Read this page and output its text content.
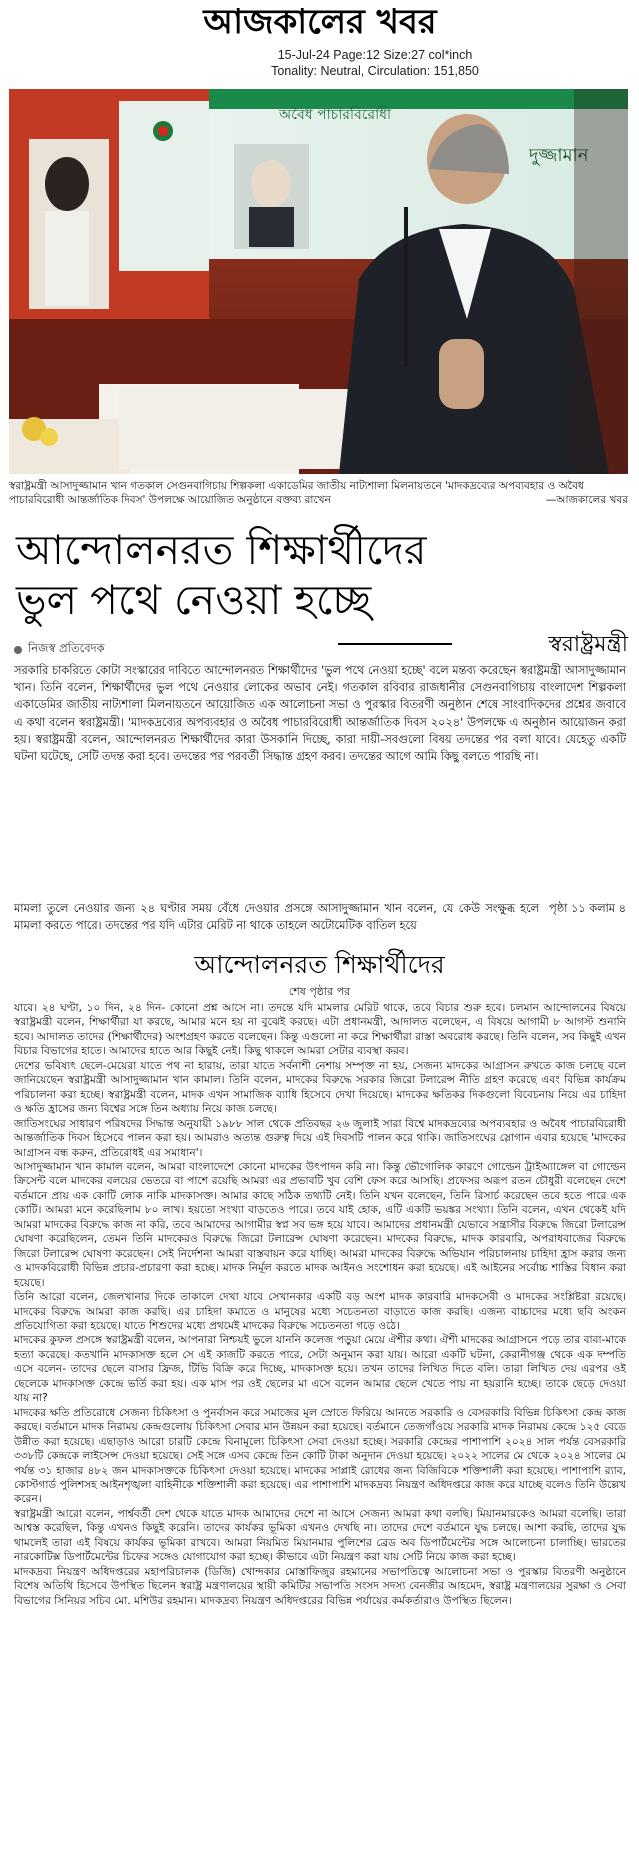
আজকালের খবর
15-Jul-24 Page:12 Size:27 col*inch
Tonality: Neutral, Circulation: 151,850
অবৈধ পাচারবিরোধী
দুজ্জামান
স্বরাষ্ট্রমন্ত্রী আসাদুজ্জামান খান গতকাল সেগুনবাগিচায় শিল্পকলা একাডেমির জাতীয় নাট্যশালা মিলনায়তনে 'মাদকদ্রব্যের অপব্যবহার ও অবৈধ পাচারবিরোধী আন্তর্জাতিক দিবস' উপলক্ষে আয়োজিত অনুষ্ঠানে বক্তব্য রাখেন	—আজকালের খবর
আন্দোলনরত শিক্ষার্থীদের
ভুল পথে নেওয়া হচ্ছে
স্বরাষ্ট্রমন্ত্রী
নিজস্ব প্রতিবেদক

সরকারি চাকরিতে কোটা সংস্কারের দাবিতে আন্দোলনরত শিক্ষার্থীদের 'ভুল পথে নেওয়া হচ্ছে' বলে মন্তব্য করেছেন স্বরাষ্ট্রমন্ত্রী আসাদুজ্জামান খান। তিনি বলেন, শিক্ষার্থীদের ভুল পথে নেওয়ার লোকের অভাব নেই। গতকাল রবিবার রাজধানীর সেগুনবাগিচায় বাংলাদেশ শিল্পকলা একাডেমির জাতীয় নাট্যশালা মিলনায়তনে আয়োজিত এক আলোচনা সভা ও পুরস্কার বিতরণী অনুষ্ঠান শেষে সাংবাদিকদের প্রশ্নের জবাবে এ কথা বলেন স্বরাষ্ট্রমন্ত্রী। 'মাদকদ্রব্যের অপব্যবহার ও অবৈধ পাচারবিরোধী আন্তর্জাতিক দিবস ২০২৪' উপলক্ষে এ অনুষ্ঠান আয়োজন করা হয়। স্বরাষ্ট্রমন্ত্রী বলেন, আন্দোলনরত শিক্ষার্থীদের কারা উসকানি দিচ্ছে, কারা দায়ী-সবগুলো বিষয় তদন্তের পর বলা যাবে। যেহেতু একটি ঘটনা ঘটেছে, সেটি তদন্ত করা হবে। তদন্তের পর পরবর্তী সিদ্ধান্ত গ্রহণ করব। তদন্তের আগে আমি কিছু বলতে পারছি না।

পৃষ্ঠা ১১ কলাম ৪
মামলা তুলে নেওয়ার জন্য ২৪ ঘণ্টার সময় বেঁধে দেওয়ার প্রসঙ্গে আসাদুজ্জামান খান বলেন, যে কেউ সংক্ষুব্ধ হলে মামলা করতে পারে। তদন্তের পর যদি এটার মেরিট না থাকে তাহলে অটোমেটিক বাতিল হয়ে
আন্দোলনরত শিক্ষার্থীদের
শেষ পৃষ্ঠার পর

যাবে। ২৪ ঘণ্টা, ১০ দিন, ২৪ দিন- কোনো প্রশ্ন আসে না। তদন্তে যদি মামলার মেরিট থাকে, তবে বিচার শুরু হবে। চলমান আন্দোলনের বিষয়ে স্বরাষ্ট্রমন্ত্রী বলেন, শিক্ষার্থীরা যা করছে, আমার মনে হয় না বুঝেই করছে। এটা প্রধানমন্ত্রী, আদালত বলেছেন, এ বিষয়ে আগামী ৮ আগস্ট শুনানি হবে। আদালত তাদের (শিক্ষার্থীদের) অংশগ্রহণ করতে বলেছেন। কিন্তু এগুলো না করে শিক্ষার্থীরা রাস্তা অবরোধ করছে। তিনি বলেন, সব কিছুই এখন বিচার বিভাগের হাতে। আমাদের হাতে আর কিছুই নেই। কিছু থাকলে আমরা সেটার ব্যবস্থা করব।

দেশের ভবিষ্যৎ ছেলে-মেয়েরা যাতে পথ না হারায়, তারা যাতে সর্বনাশী নেশায় সম্পৃক্ত না হয়, সেজন্য মাদকের আগ্রাসন রুখতে কাজ চলছে বলে জানিয়েছেন স্বরাষ্ট্রমন্ত্রী আসাদুজ্জামান খান কামাল। তিনি বলেন, মাদকের বিরুদ্ধে সরকার জিরো টলারেন্স নীতি গ্রহণ করেছে এবং বিভিন্ন কার্যক্রম পরিচালনা করা হচ্ছে। স্বরাষ্ট্রমন্ত্রী বলেন, মাদক এখন সামাজিক ব্যাধি হিসেবে দেখা দিয়েছে। মাদকের ক্ষতিকর দিকগুলো বিবেচনায় নিয়ে এর চাহিদা ও ক্ষতি হ্রাসের জন্য বিশ্বের সঙ্গে তিন অধ্যায় নিয়ে কাজ চলছে।

জাতিসংঘের সাধারণ পরিষদের সিদ্ধান্ত অনুযায়ী ১৯৮৮ সাল থেকে প্রতিবছর ২৬ জুলাই সারা বিশ্বে মাদকদ্রব্যের অপব্যবহার ও অবৈধ পাচারবিরোধী আন্তর্জাতিক দিবস হিসেবে পালন করা হয়। আমরাও অত্যন্ত গুরুত্ব দিয়ে এই দিবসটি পালন করে থাকি। জাতিসংঘের স্লোগান এবার হয়েছে 'মাদকের আগ্রাসন বন্ধ করুন, প্রতিরোধই এর সমাধান'।

আসাদুজ্জামান খান কামাল বলেন, আমরা বাংলাদেশে কোনো মাদকের উৎপাদন করি না। কিন্তু ভৌগোলিক কারণে গোল্ডেন ট্রাইঅ্যাঙ্গেল বা গোল্ডেন ক্রিসেন্ট বলে মাদকের বলয়ের ভেতরে বা পাশে রয়েছি আমরা এর প্রভাবটি খুব বেশি ফেস করে আসছি। প্রফেসর অরূপ রতন চৌধুরী বলেছেন দেশে বর্তমানে প্রায় এক কোটি লোক নাকি মাদকাসক্ত। আমার কাছে সঠিক তথ্যটি নেই। তিনি যখন বলেছেন, তিনি রিসার্চ করেছেন তবে হতে পারে এক কোটি। আমরা মনে করেছিলাম ৮০ লাখ। হয়তো সংখ্যা বাড়তেও পারে। তবে যাই হোক, এটি একটি ভয়ঙ্কর সংখ্যা। তিনি বলেন, এখন থেকেই যদি আমরা মাদকের বিরুদ্ধে কাজ না করি, তবে আমাদের আগামীর স্বপ্ন সব ভঙ্গ হয়ে যাবে। আমাদের প্রধানমন্ত্রী যেভাবে সন্ত্রাসীর বিরুদ্ধে জিরো টলারেন্স ঘোষণা করেছিলেন, তেমন তিনি মাদকেরও বিরুদ্ধে জিরো টলারেন্স ঘোষণা করেছেন। মাদকের বিরুদ্ধে, মাদক কারবারি, অপরাধবাজের বিরুদ্ধে জিরো টলারেন্স ঘোষণা করেছেন। সেই নির্দেশনা আমরা বাস্তবায়ন করে যাচ্ছি। আমরা মাদকের বিরুদ্ধে অভিযান পরিচালনায় চাহিদা হ্রাস করার জন্য ও মাদকবিরোধী বিভিন্ন প্রচার-প্রচারণা করা হচ্ছে। মাদক নির্মূল করতে মাদক আইনও সংশোধন করা হয়েছে। এই আইনের সর্বোচ্চ শাস্তির বিধান করা হয়েছে।

তিনি আরো বলেন, জেলখানার দিকে তাকালে দেখা যাবে সেখানকার একটি বড় অংশ মাদক কারবারি মাদকসেবী ও মাদকের সংশ্লিষ্টরা রয়েছে। মাদকের বিরুদ্ধে আমরা কাজ করছি। এর চাহিদা কমাতে ও মানুষের মধ্যে সচেতনতা বাড়াতে কাজ করছি। এজন্য বাচ্চাদের মধ্যে ছবি অংকন প্রতিযোগিতা করা হয়েছে। যাতে শিশুদের মধ্যে প্রথমেই মাদকের বিরুদ্ধে সচেতনতা গড়ে ওঠে।

মাদকের কুফল প্রসঙ্গে স্বরাষ্ট্রমন্ত্রী বলেন, আপনারা নিশ্চয়ই ভুলে যাননি কলেজ পড়ুয়া মেয়ে ঐশীর কথা। ঐশী মাদকের আগ্রাসনে পড়ে তার বাবা-মাকে হত্যা করেছে। কতখানি মাদকাসক্ত হলে সে এই কাজটি করতে পারে, সেটা অনুমান করা যায়। আরো একটি ঘটনা, কেরানীগঞ্জ থেকে এক দম্পতি এসে বলেন- তাদের ছেলে বাসার ফ্রিজ, টিভি বিক্রি করে দিচ্ছে, মাদকাসক্ত হয়ে। তখন তাদের লিখিত দিতে বলি। তারা লিখিত দেয় এরপর ওই ছেলেকে মাদকাসক্ত কেন্দ্রে ভর্তি করা হয়। এক মাস পর ওই ছেলের মা এসে বলেন আমার ছেলে খেতে পায় না হয়রানি হচ্ছে। তাকে ছেড়ে দেওয়া যায় না?

মাদকের ক্ষতি প্রতিরোধে সেজন্য চিকিৎসা ও পুনর্বাসন করে সমাজের মূল স্রোতে ফিরিয়ে আনতে সরকারি ও বেসরকারি বিভিন্ন চিকিৎসা কেন্দ্র কাজ করছে। বর্তমানে মাদক নিরাময় কেন্দ্রগুলোয় চিকিৎসা সেবার মান উন্নয়ন করা হয়েছে। বর্তমানে তেজগাঁওয়ে সরকারি মাদক নিরাময় কেন্দ্রে ১২৫ বেডে উন্নীত করা হয়েছে। এছাড়াও আরো চারটি কেন্দ্রে বিনামূল্যে চিকিৎসা সেবা দেওয়া হচ্ছে। সরকারি কেন্দ্রের পাশাপাশি ২০২৪ সাল পর্যন্ত বেসরকারি ৩৩৮টি কেন্দ্রকে লাইসেন্স দেওয়া হয়েছে। সেই সঙ্গে এসব কেন্দ্রে তিন কোটি টাকা অনুদান দেওয়া হয়েছে। ২০২২ সালের মে থেকে ২০২৪ সালের মে পর্যন্ত ৩১ হাজার ৪৮২ জন মাদকাসক্তকে চিকিৎসা দেওয়া হয়েছে। মাদকের সাপ্লাই রোধের জন্য বিজিবিকে শক্তিশালী করা হয়েছে। পাশাপাশি র‌্যাব, কোস্টগার্ড পুলিশসহ আইনশৃঙ্খলা বাহিনীকে শক্তিশালী করা হয়েছে। এর পাশাপাশি মাদকদ্রব্য নিয়ন্ত্রণ অধিদপ্তরে কাজ করে যাচ্ছে বলেও তিনি উল্লেখ করেন।

স্বরাষ্ট্রমন্ত্রী আরো বলেন, পার্শ্ববর্তী দেশ থেকে যাতে মাদক আমাদের দেশে না আসে সেজন্য আমরা কথা বলছি। মিয়ানমারকেও আমরা বলেছি। তারা আশ্বস্ত করেছিল, কিন্তু এখনও কিছুই করেনি। তাদের কার্যকর ভূমিকা এখনও দেখছি না। তাদের দেশে বর্তমানে যুদ্ধ চলছে। আশা করছি, তাদের যুদ্ধ থামলেই তারা এই বিষয়ে কার্যকর ভূমিকা রাখবে। আমরা নিয়মিত মিয়ানমার পুলিশের ব্রেড অব ডিপার্টমেন্টের সঙ্গে আলোচনা চালাচ্ছি। ভারতের নারকোটিক্স ডিপার্টমেন্টের চিফের সঙ্গেও যোগাযোগ করা হচ্ছে। কীভাবে এটা নিয়ন্ত্রণ করা যায় সেটি নিয়ে কাজ করা হচ্ছে।

মাদকদ্রব্য নিয়ন্ত্রণ অধিদপ্তরের মহাপরিচালক (ডিজি) খোন্দকার মোস্তাফিজুর রহমানের সভাপতিত্বে আলোচনা সভা ও পুরস্কার বিতরণী অনুষ্ঠানে বিশেষ অতিথি হিসেবে উপস্থিত ছিলেন স্বরাষ্ট্র মন্ত্রণালয়ের স্থায়ী কমিটির সভাপতি সংসদ সদস্য বেনজীর আহমেদ, স্বরাষ্ট্র মন্ত্রণালয়ের সুরক্ষা ও সেবা বিভাগের সিনিয়র সচিব মো. মশিউর রহমান। মাদকদ্রব্য নিয়ন্ত্রণ অধিদপ্তরের বিভিন্ন পর্যায়ের কর্মকর্তারাও উপস্থিত ছিলেন।
